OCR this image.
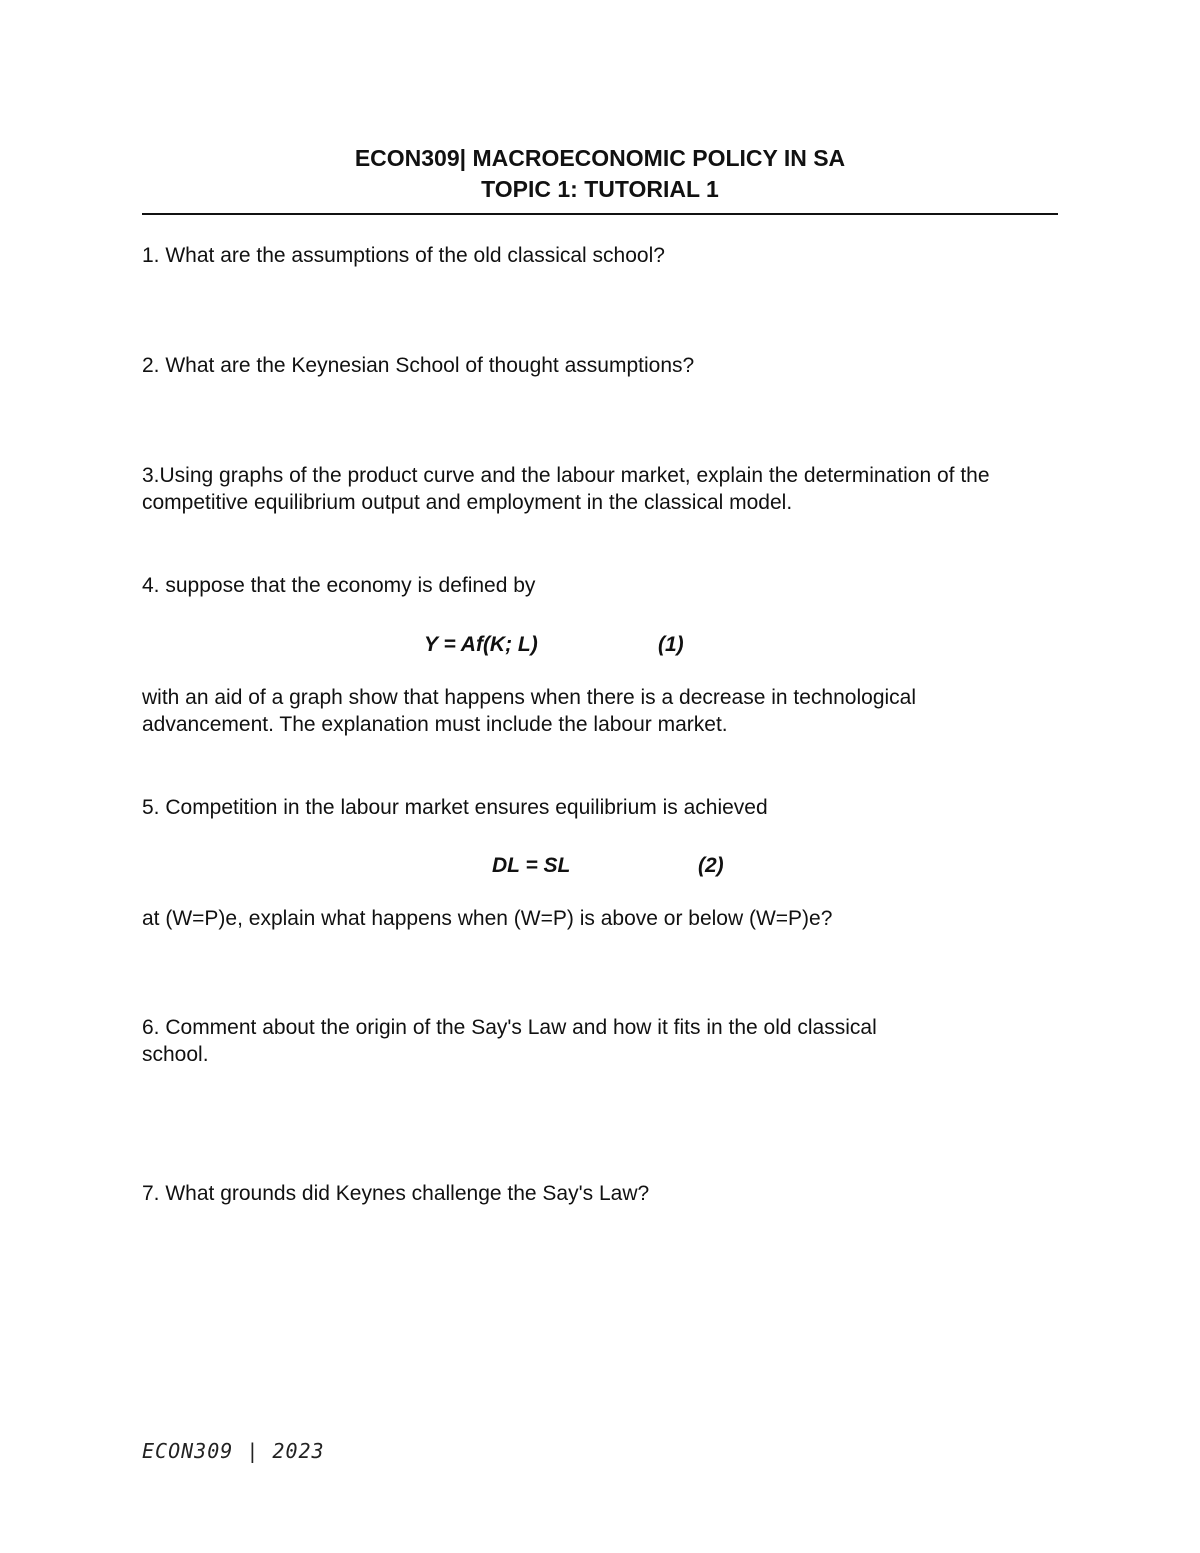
ECON309| MACROECONOMIC POLICY IN SA
TOPIC 1: TUTORIAL 1

1. What are the assumptions of the old classical school?

2. What are the Keynesian School of thought assumptions?

3.Using graphs of the product curve and the labour market, explain the determination of the competitive equilibrium output and employment in the classical model.

4. suppose that the economy is defined by

Y = Af(K; L)	(1)

with an aid of a graph show that happens when there is a decrease in technological advancement. The explanation must include the labour market.

5. Competition in the labour market ensures equilibrium is achieved

DL = SL	(2)

at (W=P)e, explain what happens when (W=P) is above or below (W=P)e?

6. Comment about the origin of the Say's Law and how it fits in the old classical school.

7. What grounds did Keynes challenge the Say's Law?

ECON309 | 2023
